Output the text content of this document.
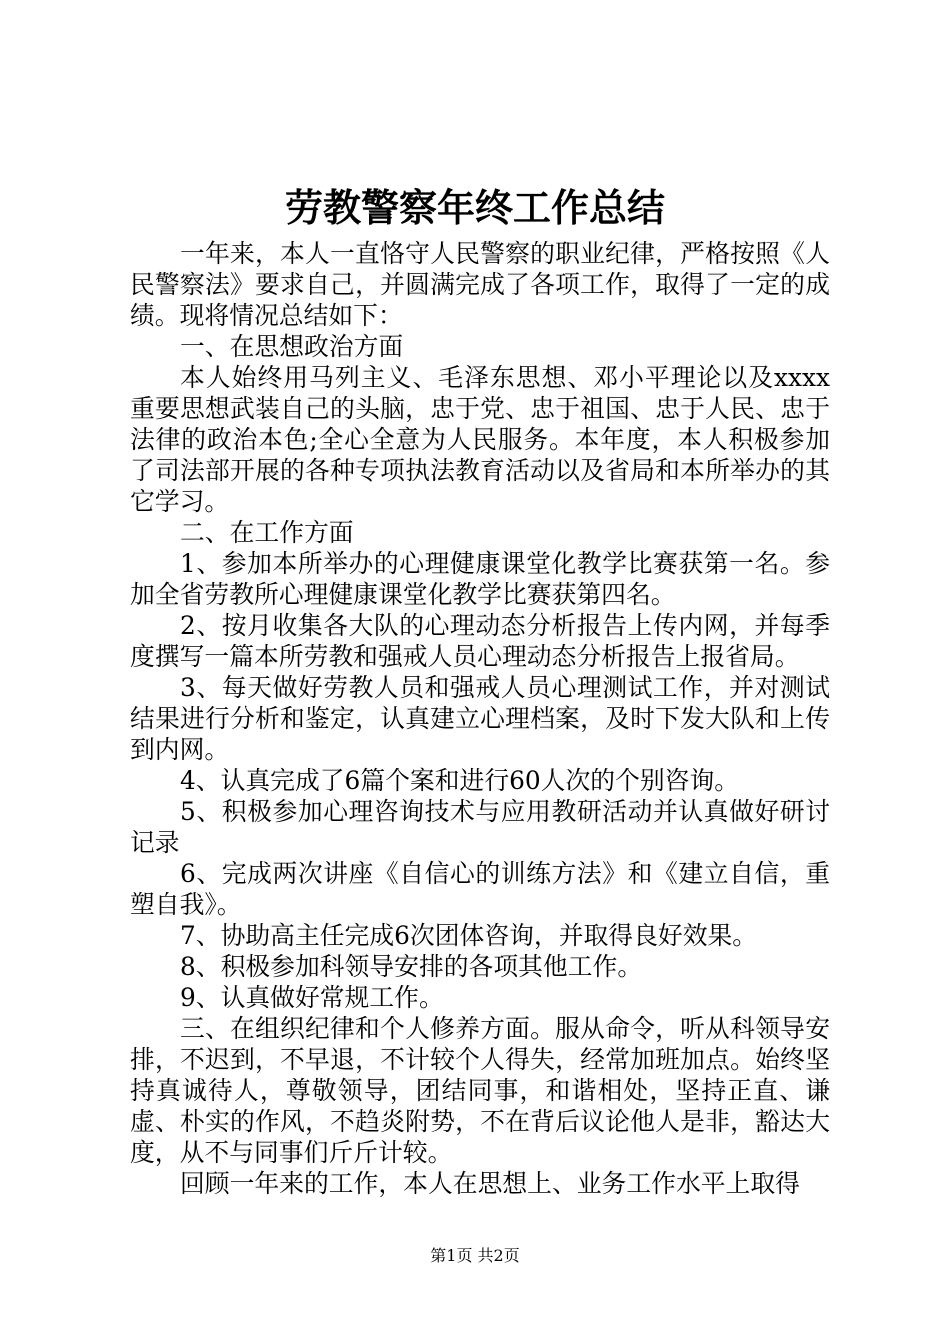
劳教警察年终工作总结

一年来，本人一直恪守人民警察的职业纪律，严格按照《人民警察法》要求自己，并圆满完成了各项工作，取得了一定的成绩。现将情况总结如下：

一、在思想政治方面

本人始终用马列主义、毛泽东思想、邓小平理论以及xxxx重要思想武装自己的头脑，忠于党、忠于祖国、忠于人民、忠于法律的政治本色;全心全意为人民服务。本年度，本人积极参加了司法部开展的各种专项执法教育活动以及省局和本所举办的其它学习。

二、在工作方面

1、参加本所举办的心理健康课堂化教学比赛获第一名。参加全省劳教所心理健康课堂化教学比赛获第四名。

2、按月收集各大队的心理动态分析报告上传内网，并每季度撰写一篇本所劳教和强戒人员心理动态分析报告上报省局。

3、每天做好劳教人员和强戒人员心理测试工作，并对测试结果进行分析和鉴定，认真建立心理档案，及时下发大队和上传到内网。

4、认真完成了6篇个案和进行60人次的个别咨询。

5、积极参加心理咨询技术与应用教研活动并认真做好研讨记录

6、完成两次讲座《自信心的训练方法》和《建立自信，重塑自我》。

7、协助高主任完成6次团体咨询，并取得良好效果。

8、积极参加科领导安排的各项其他工作。

9、认真做好常规工作。

三、在组织纪律和个人修养方面。服从命令，听从科领导安排，不迟到，不早退，不计较个人得失，经常加班加点。始终坚持真诚待人，尊敬领导，团结同事，和谐相处，坚持正直、谦虚、朴实的作风，不趋炎附势，不在背后议论他人是非，豁达大度，从不与同事们斤斤计较。

回顾一年来的工作，本人在思想上、业务工作水平上取得

第1页 共2页
